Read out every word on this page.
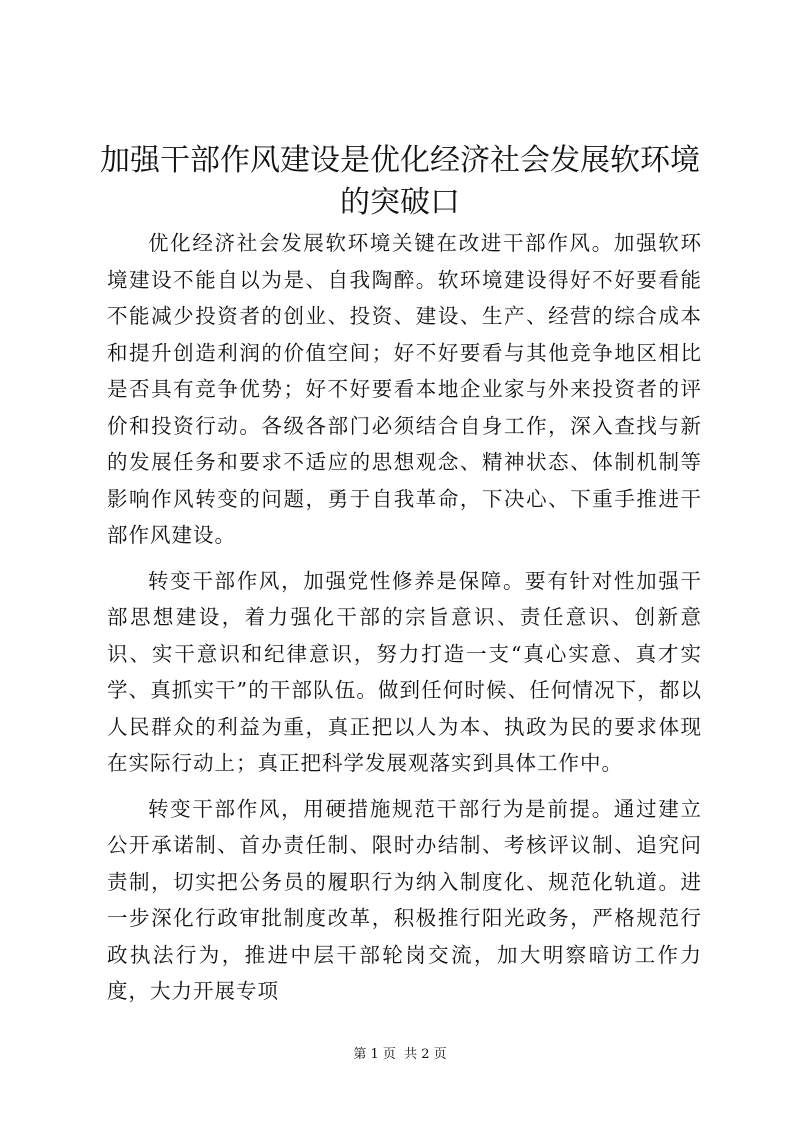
加强干部作风建设是优化经济社会发展软环境的突破口

优化经济社会发展软环境关键在改进干部作风。加强软环境建设不能自以为是、自我陶醉。软环境建设得好不好要看能不能减少投资者的创业、投资、建设、生产、经营的综合成本和提升创造利润的价值空间；好不好要看与其他竞争地区相比是否具有竞争优势；好不好要看本地企业家与外来投资者的评价和投资行动。各级各部门必须结合自身工作，深入查找与新的发展任务和要求不适应的思想观念、精神状态、体制机制等影响作风转变的问题，勇于自我革命，下决心、下重手推进干部作风建设。

转变干部作风，加强党性修养是保障。要有针对性加强干部思想建设，着力强化干部的宗旨意识、责任意识、创新意识、实干意识和纪律意识，努力打造一支“真心实意、真才实学、真抓实干”的干部队伍。做到任何时候、任何情况下，都以人民群众的利益为重，真正把以人为本、执政为民的要求体现在实际行动上；真正把科学发展观落实到具体工作中。

转变干部作风，用硬措施规范干部行为是前提。通过建立公开承诺制、首办责任制、限时办结制、考核评议制、追究问责制，切实把公务员的履职行为纳入制度化、规范化轨道。进一步深化行政审批制度改革，积极推行阳光政务，严格规范行政执法行为，推进中层干部轮岗交流，加大明察暗访工作力度，大力开展专项

第 1 页  共 2 页
